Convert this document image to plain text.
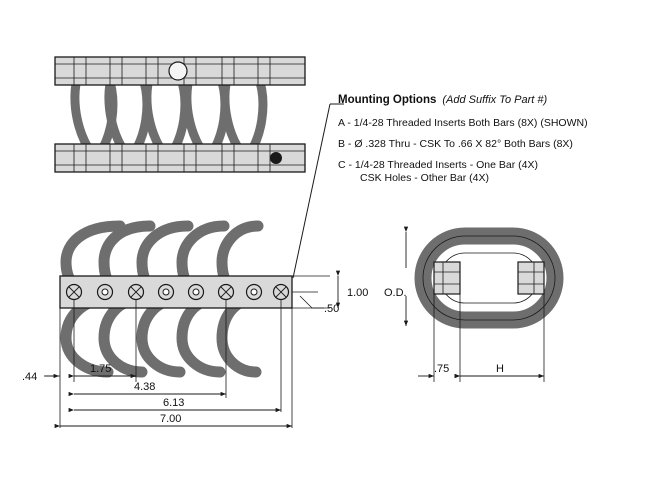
.50
1.00
.44
1.75
4.38
6.13
7.00
O.D.
.75	H
Mounting Options (Add Suffix To Part #)
A - 1/4-28 Threaded Inserts Both Bars (8X) (SHOWN)
B - Ø .328 Thru - CSK To .66 X 82° Both Bars (8X)
C - 1/4-28 Threaded Inserts - One Bar (4X)
CSK Holes - Other Bar (4X)
